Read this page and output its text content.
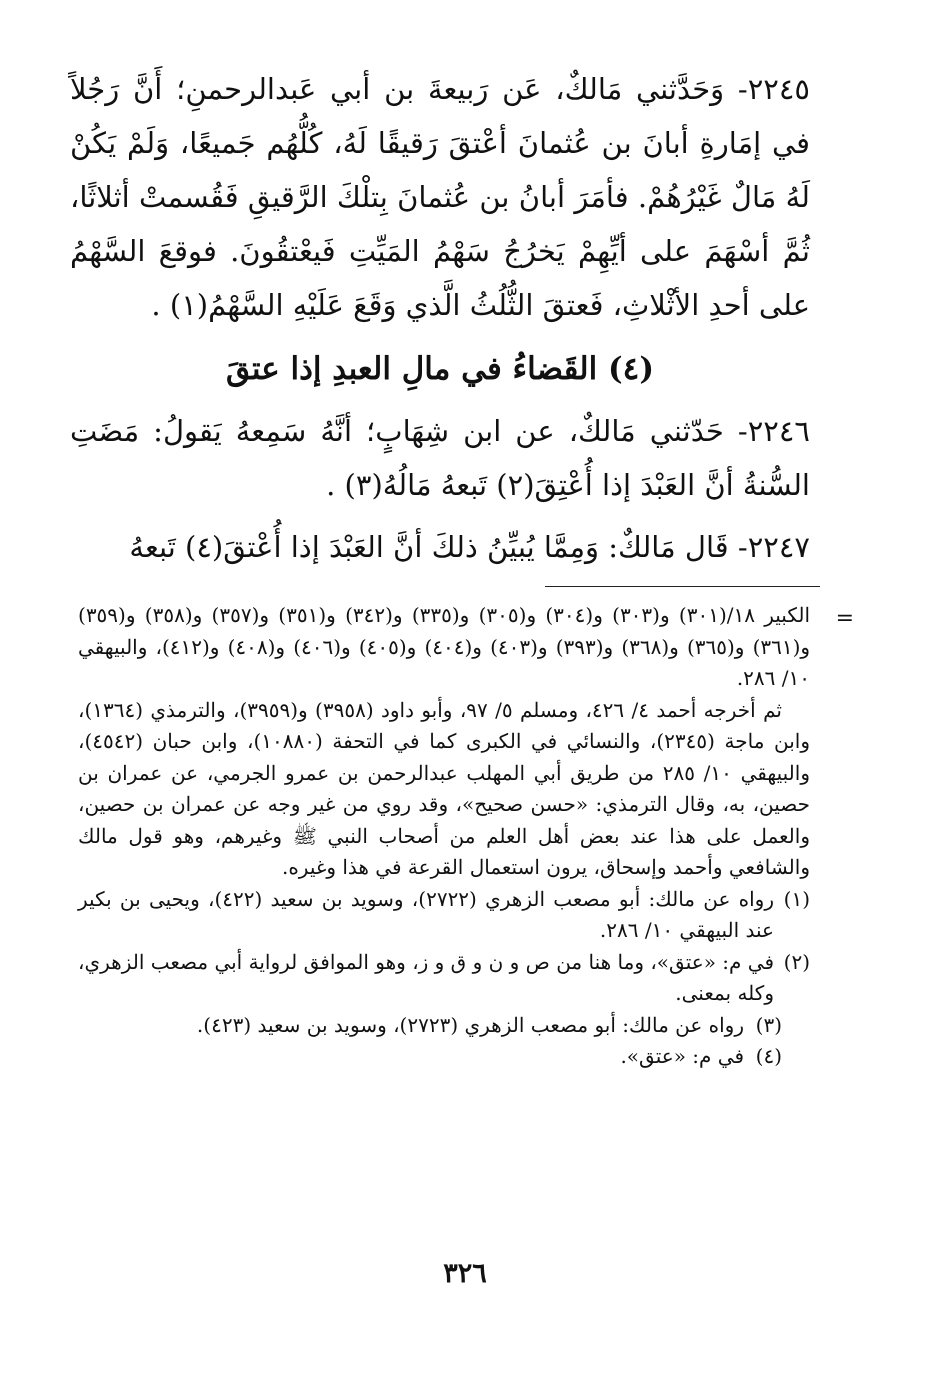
٢٢٤٥- وَحَدَّثني مَالكٌ، عَن رَبيعةَ بن أبي عَبدالرحمنِ؛ أَنَّ رَجُلاً في إمَارةِ أبانَ بن عُثمانَ أعْتقَ رَقيقًا لَهُ، كُلُّهُم جَميعًا، وَلَمْ يَكُنْ لَهُ مَالٌ غَيْرُهُمْ. فأمَرَ أبانُ بن عُثمانَ بِتلْكَ الرَّقيقِ فَقُسمتْ أثلاثًا، ثُمَّ أسْهَمَ على أيِّهِمْ يَخرُجُ سَهْمُ المَيِّتِ فَيعْتقُونَ. فوقعَ السَّهْمُ على أحدِ الأثْلاثِ، فَعتقَ الثُّلُثُ الَّذي وَقَعَ عَلَيْهِ السَّهْمُ(١) .

(٤) القَضاءُ في مالِ العبدِ إذا عتقَ

٢٢٤٦- حَدّثني مَالكٌ، عن ابن شِهَابٍ؛ أنَّهُ سَمِعهُ يَقولُ: مَضَتِ السُّنةُ أنَّ العَبْدَ إذا أُعْتِقَ(٢) تَبعهُ مَالُهُ(٣) .

٢٢٤٧- قَال مَالكٌ: وَمِمَّا يُبيِّنُ ذلكَ أنَّ العَبْدَ إذا أُعْتقَ(٤) تَبعهُ

=

الكبير ١٨/(٣٠١) و(٣٠٣) و(٣٠٤) و(٣٠٥) و(٣٣٥) و(٣٤٢) و(٣٥١) و(٣٥٧) و(٣٥٨) و(٣٥٩) و(٣٦١) و(٣٦٥) و(٣٦٨) و(٣٩٣) و(٤٠٣) و(٤٠٤) و(٤٠٥) و(٤٠٦) و(٤٠٨) و(٤١٢)، والبيهقي ١٠/ ٢٨٦.

ثم أخرجه أحمد ٤/ ٤٢٦، ومسلم ٥/ ٩٧، وأبو داود (٣٩٥٨) و(٣٩٥٩)، والترمذي (١٣٦٤)، وابن ماجة (٢٣٤٥)، والنسائي في الكبرى كما في التحفة (١٠٨٨٠)، وابن حبان (٤٥٤٢)، والبيهقي ١٠/ ٢٨٥ من طريق أبي المهلب عبدالرحمن بن عمرو الجرمي، عن عمران بن حصين، به، وقال الترمذي: «حسن صحيح»، وقد روي من غير وجه عن عمران بن حصين، والعمل على هذا عند بعض أهل العلم من أصحاب النبي ﷺ وغيرهم، وهو قول مالك والشافعي وأحمد وإسحاق، يرون استعمال القرعة في هذا وغيره.

(١)

رواه عن مالك: أبو مصعب الزهري (٢٧٢٢)، وسويد بن سعيد (٤٢٢)، ويحيى بن بكير عند البيهقي ١٠/ ٢٨٦.

(٢)

في م: «عتق»، وما هنا من ص و ن و ق و ز، وهو الموافق لرواية أبي مصعب الزهري، وكله بمعنى.

(٣)

رواه عن مالك: أبو مصعب الزهري (٢٧٢٣)، وسويد بن سعيد (٤٢٣).

(٤)

في م: «عتق».

٣٢٦
